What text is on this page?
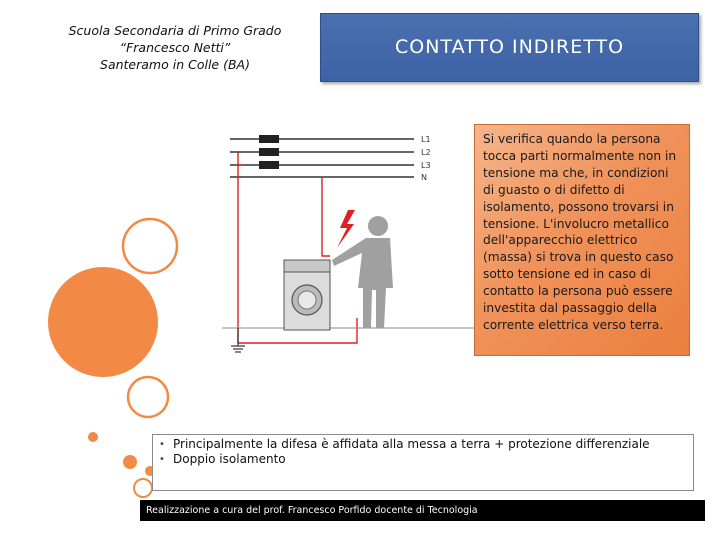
Scuola Secondaria di Primo Grado
“Francesco Netti”
Santeramo in Colle (BA)
CONTATTO INDIRETTO
L1
L2
L3
N
Si verifica quando la persona tocca parti normalmente non in tensione ma che, in condizioni di guasto o di difetto di isolamento, possono trovarsi in tensione. L'involucro metallico dell'apparecchio elettrico (massa) si trova in questo caso sotto tensione ed in caso di contatto la persona può essere investita dal passaggio della corrente elettrica verso terra.
• Principalmente la difesa è affidata alla messa a terra + protezione differenziale
• Doppio isolamento
Realizzazione a cura del prof. Francesco Porfido docente di Tecnologia
